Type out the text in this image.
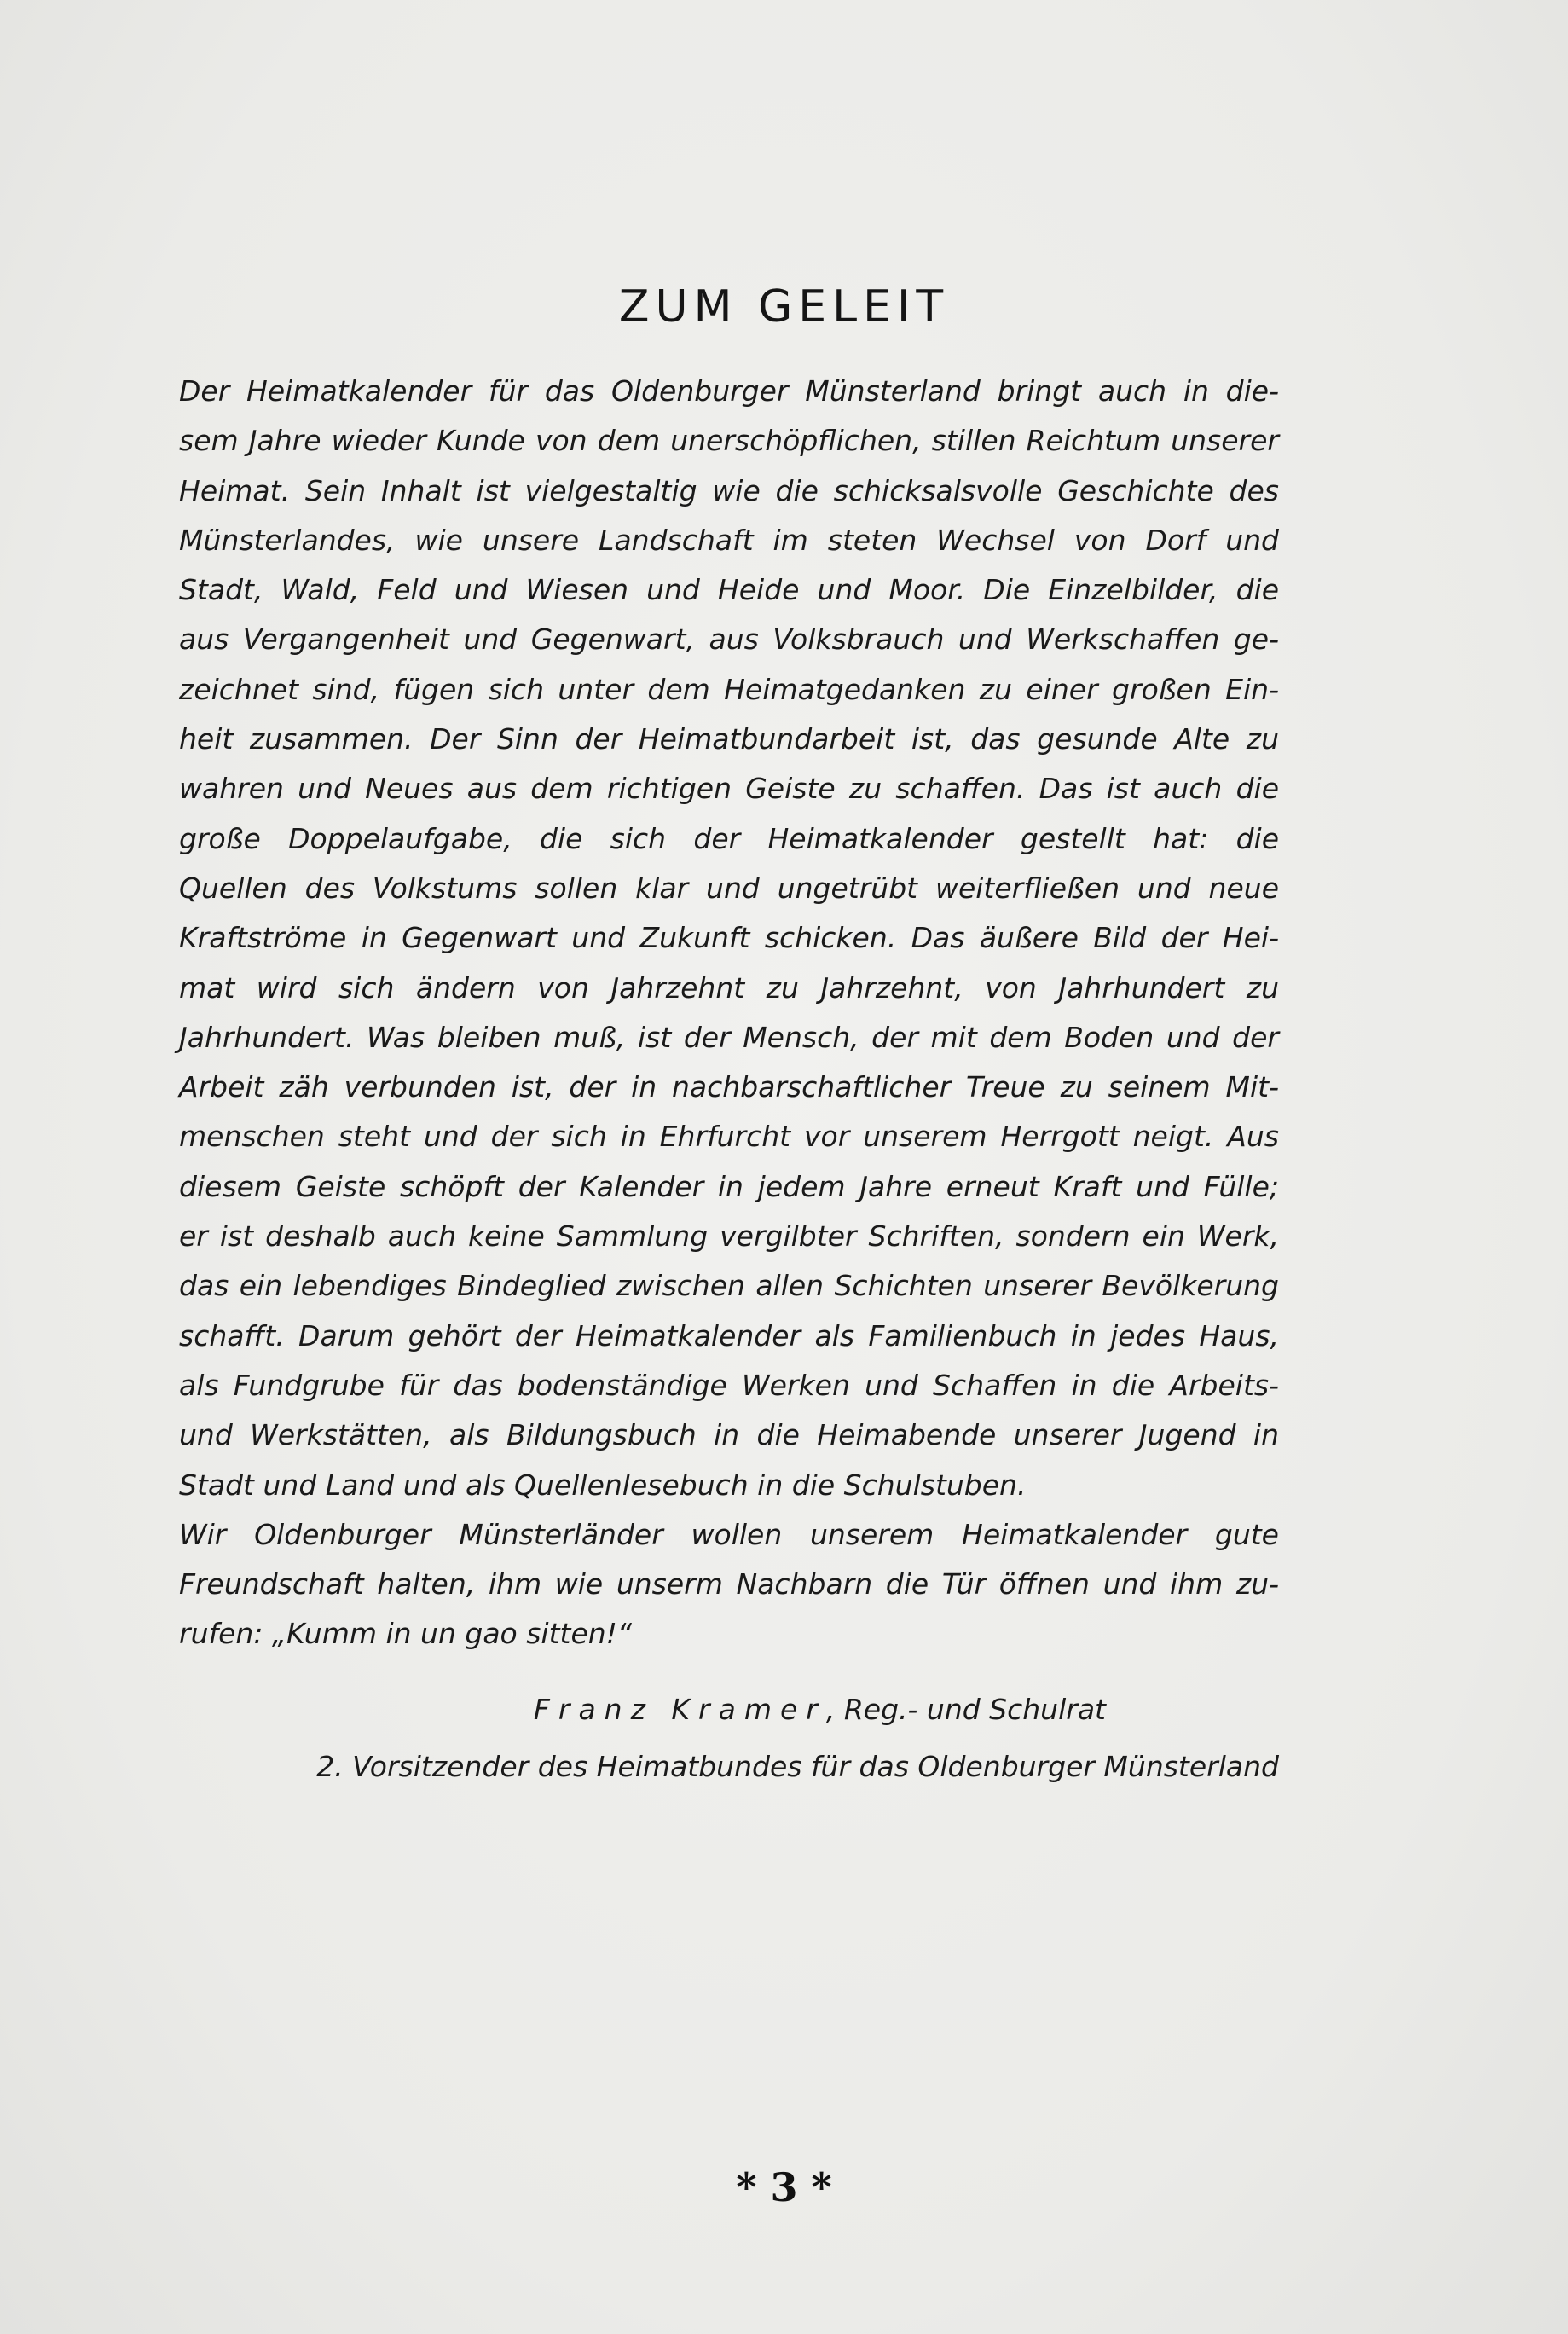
ZUM GELEIT
Der Heimatkalender für das Oldenburger Münsterland bringt auch in die-
sem Jahre wieder Kunde von dem unerschöpflichen, stillen Reichtum unserer
Heimat. Sein Inhalt ist vielgestaltig wie die schicksalsvolle Geschichte des
Münsterlandes, wie unsere Landschaft im steten Wechsel von Dorf und
Stadt, Wald, Feld und Wiesen und Heide und Moor. Die Einzelbilder, die
aus Vergangenheit und Gegenwart, aus Volksbrauch und Werkschaffen ge-
zeichnet sind, fügen sich unter dem Heimatgedanken zu einer großen Ein-
heit zusammen. Der Sinn der Heimatbundarbeit ist, das gesunde Alte zu
wahren und Neues aus dem richtigen Geiste zu schaffen. Das ist auch die
große Doppelaufgabe, die sich der Heimatkalender gestellt hat: die
Quellen des Volkstums sollen klar und ungetrübt weiterfließen und neue
Kraftströme in Gegenwart und Zukunft schicken. Das äußere Bild der Hei-
mat wird sich ändern von Jahrzehnt zu Jahrzehnt, von Jahrhundert zu
Jahrhundert. Was bleiben muß, ist der Mensch, der mit dem Boden und der
Arbeit zäh verbunden ist, der in nachbarschaftlicher Treue zu seinem Mit-
menschen steht und der sich in Ehrfurcht vor unserem Herrgott neigt. Aus
diesem Geiste schöpft der Kalender in jedem Jahre erneut Kraft und Fülle;
er ist deshalb auch keine Sammlung vergilbter Schriften, sondern ein Werk,
das ein lebendiges Bindeglied zwischen allen Schichten unserer Bevölkerung
schafft. Darum gehört der Heimatkalender als Familienbuch in jedes Haus,
als Fundgrube für das bodenständige Werken und Schaffen in die Arbeits-
und Werkstätten, als Bildungsbuch in die Heimabende unserer Jugend in
Stadt und Land und als Quellenlesebuch in die Schulstuben.
Wir Oldenburger Münsterländer wollen unserem Heimatkalender gute
Freundschaft halten, ihm wie unserm Nachbarn die Tür öffnen und ihm zu-
rufen: „Kumm in un gao sitten!“
Franz Kramer, Reg.- und Schulrat
2. Vorsitzender des Heimatbundes für das Oldenburger Münsterland
* 3 *
